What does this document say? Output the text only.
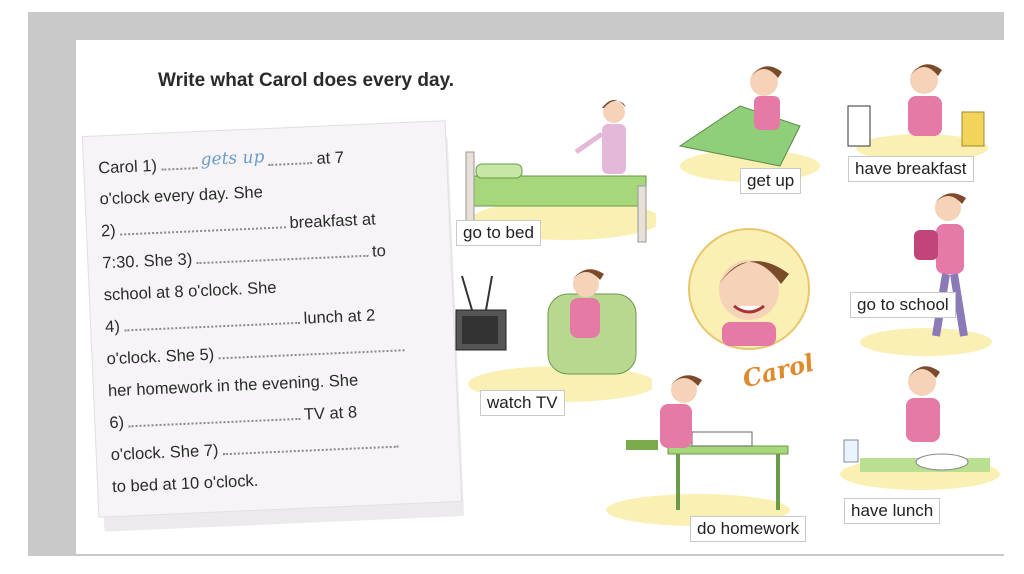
Write what Carol does every day.
Carol 1)	gets up	at 7
o'clock every day. She
2)	breakfast at
7:30. She 3)	to
school at 8 o'clock. She
4)	lunch at 2
o'clock. She 5)
her homework in the evening. She
6)	TV at 8
o'clock. She 7)
to bed at 10 o'clock.
go to bed
get up
have breakfast
Carol
go to school
watch TV
do homework
have lunch
